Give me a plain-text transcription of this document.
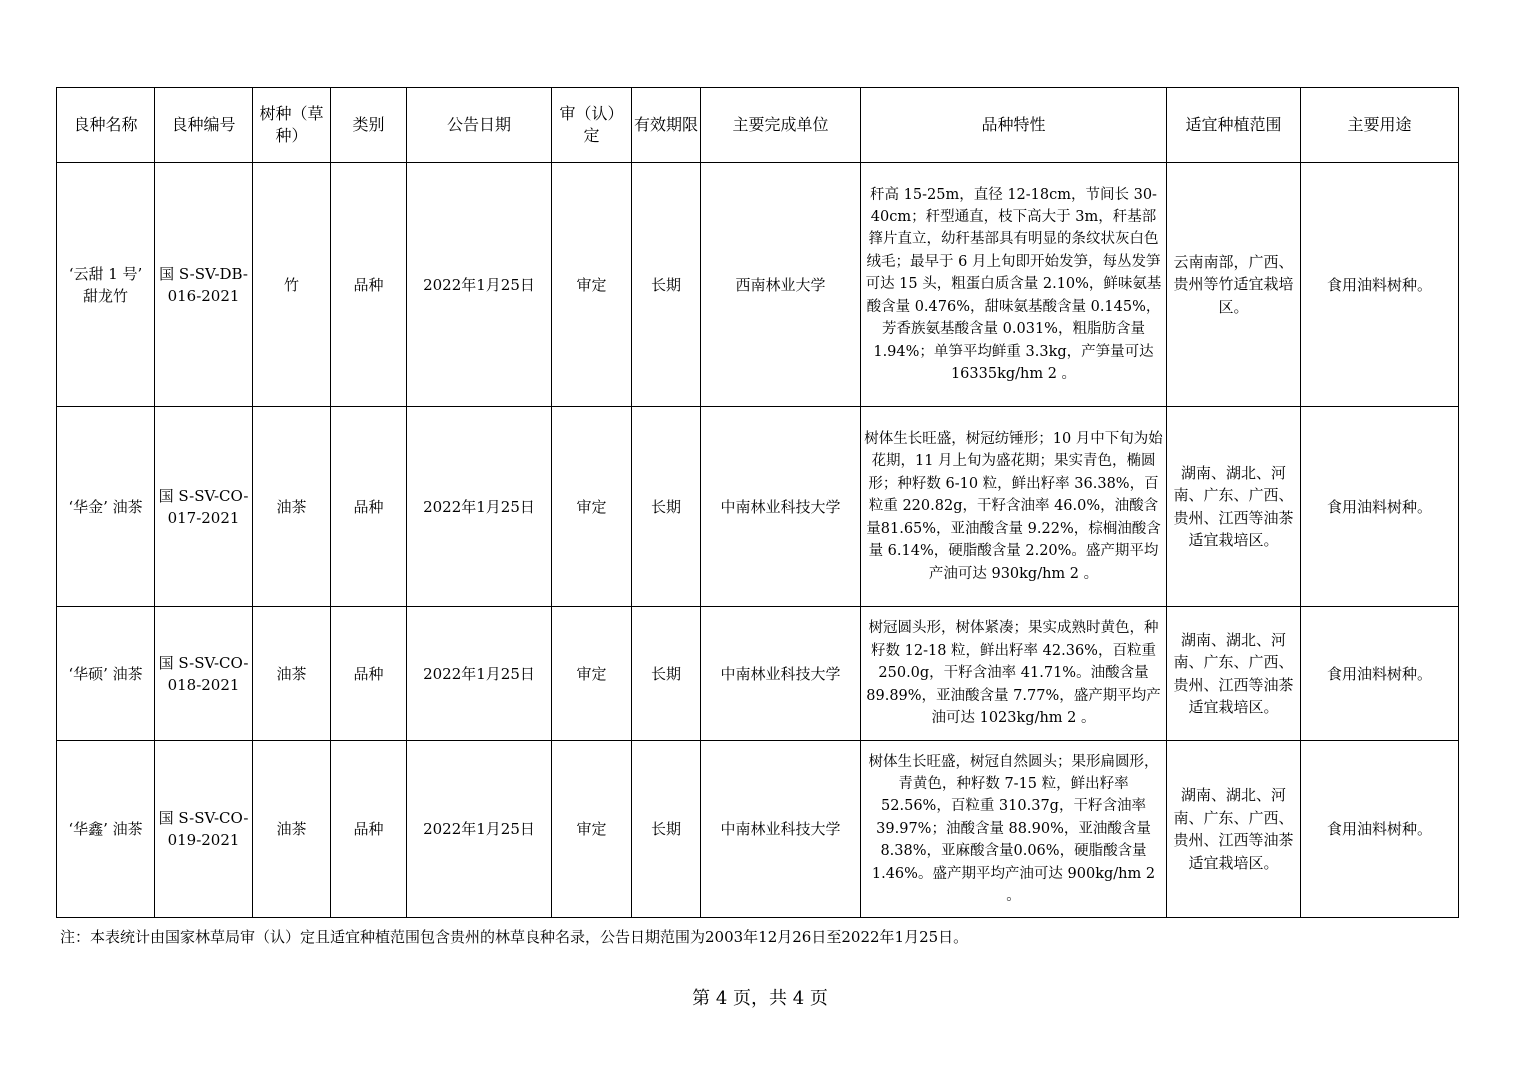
良种名称	良种编号	树种（草种）	类别	公告日期	审（认）定	有效期限	主要完成单位	品种特性	适宜种植范围	主要用途
‘云甜 1 号’ 甜龙竹	国 S-SV-DB-016-2021	竹	品种	2022年1月25日	审定	长期	西南林业大学	秆高 15-25m，直径 12-18cm，节间长 30-40cm；秆型通直，枝下高大于 3m，秆基部箨片直立，幼秆基部具有明显的条纹状灰白色绒毛；最早于 6 月上旬即开始发笋，每丛发笋可达 15 头，粗蛋白质含量 2.10%，鲜味氨基酸含量 0.476%，甜味氨基酸含量 0.145%，芳香族氨基酸含量 0.031%，粗脂肪含量 1.94%；单笋平均鲜重 3.3kg，产笋量可达 16335kg/hm 2 。	云南南部，广西、贵州等竹适宜栽培区。	食用油料树种。
‘华金’ 油茶	国 S-SV-CO-017-2021	油茶	品种	2022年1月25日	审定	长期	中南林业科技大学	树体生长旺盛，树冠纺锤形；10 月中下旬为始花期，11 月上旬为盛花期；果实青色，椭圆形；种籽数 6-10 粒，鲜出籽率 36.38%，百粒重 220.82g，干籽含油率 46.0%，油酸含量81.65%，亚油酸含量 9.22%，棕榈油酸含量 6.14%，硬脂酸含量 2.20%。盛产期平均产油可达 930kg/hm 2 。	湖南、湖北、河南、广东、广西、贵州、江西等油茶适宜栽培区。	食用油料树种。
‘华硕’ 油茶	国 S-SV-CO-018-2021	油茶	品种	2022年1月25日	审定	长期	中南林业科技大学	树冠圆头形，树体紧凑；果实成熟时黄色，种籽数 12-18 粒，鲜出籽率 42.36%，百粒重 250.0g，干籽含油率 41.71%。油酸含量 89.89%，亚油酸含量 7.77%，盛产期平均产油可达 1023kg/hm 2 。	湖南、湖北、河南、广东、广西、贵州、江西等油茶适宜栽培区。	食用油料树种。
‘华鑫’ 油茶	国 S-SV-CO-019-2021	油茶	品种	2022年1月25日	审定	长期	中南林业科技大学	树体生长旺盛，树冠自然圆头；果形扁圆形，青黄色，种籽数 7-15 粒，鲜出籽率 52.56%，百粒重 310.37g，干籽含油率 39.97%；油酸含量 88.90%，亚油酸含量 8.38%，亚麻酸含量0.06%，硬脂酸含量 1.46%。盛产期平均产油可达 900kg/hm 2 。	湖南、湖北、河南、广东、广西、贵州、江西等油茶适宜栽培区。	食用油料树种。
注：本表统计由国家林草局审（认）定且适宜种植范围包含贵州的林草良种名录，公告日期范围为2003年12月26日至2022年1月25日。
第 4 页，共 4 页
